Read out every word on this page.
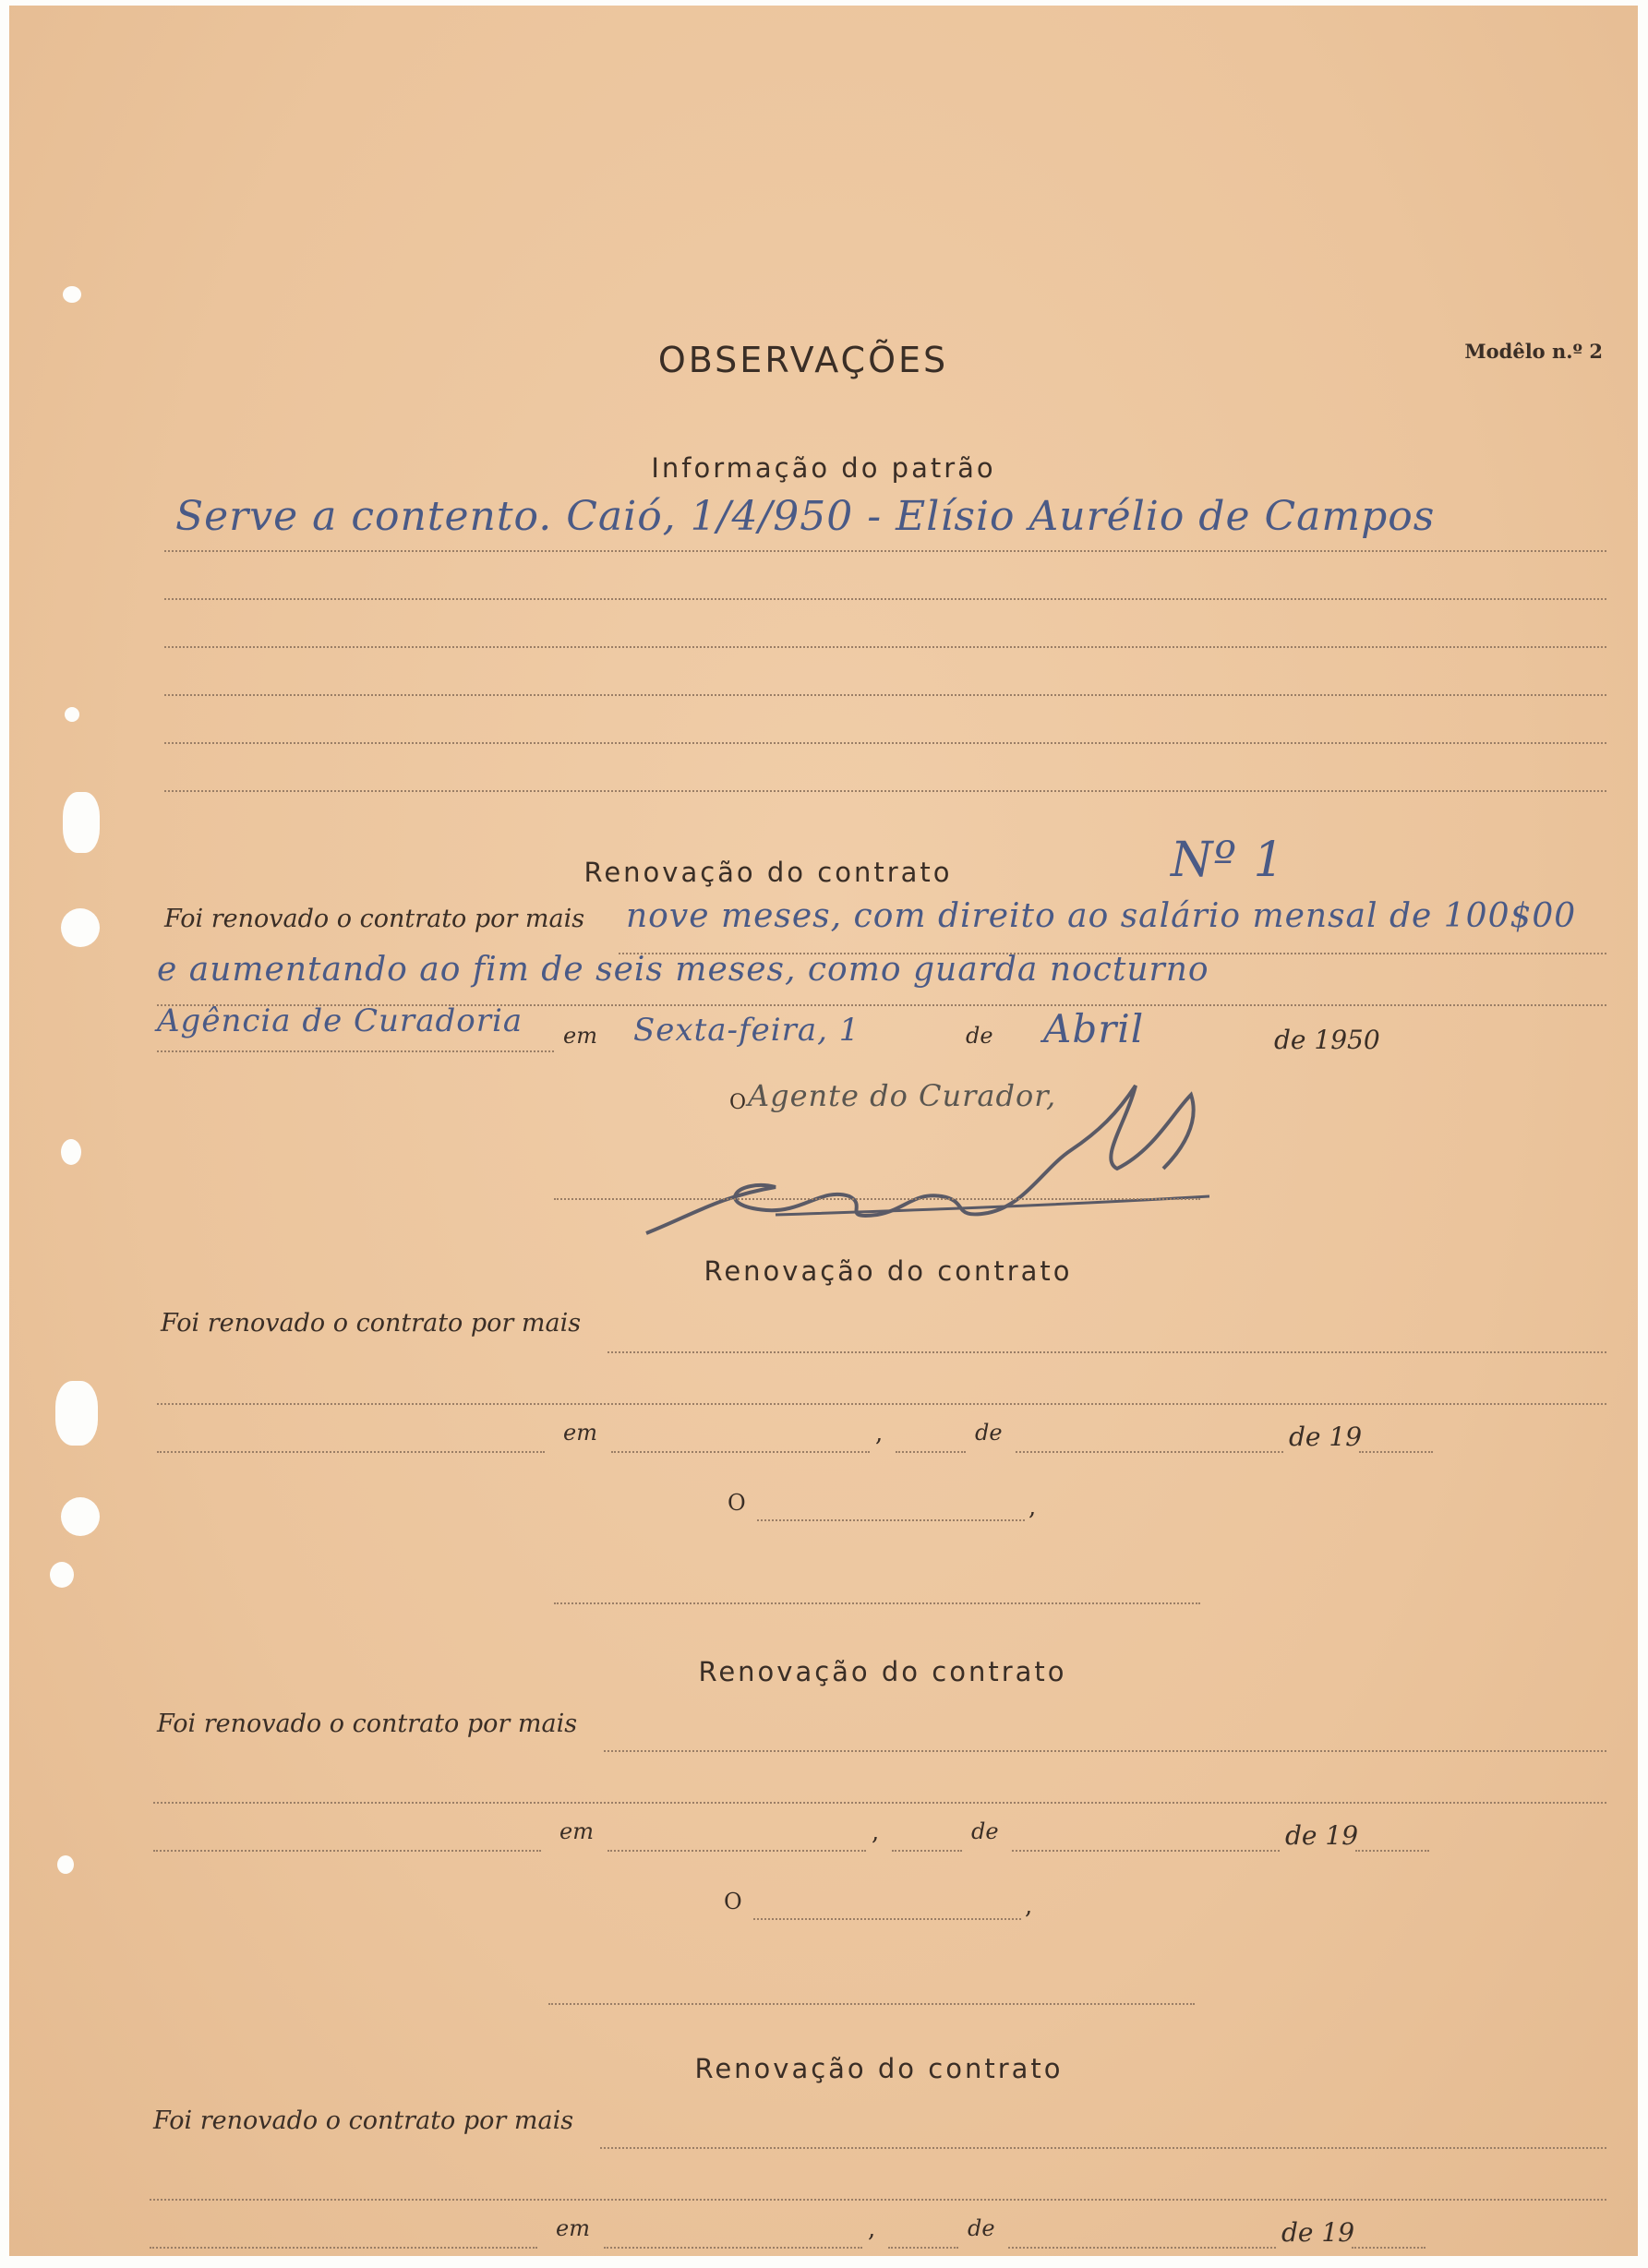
OBSERVAÇÕES	Modêlo n.º 2
Informação do patrão
Serve a contento. Caió, 1/4/950 - Elísio Aurélio de Campos
Renovação do contrato	Nº 1
Foi renovado o contrato por mais nove meses, com direito ao salário mensal de 100$00
e aumentando ao fim de seis meses, como guarda nocturno
Agência de Curadoria em Sexta-feira, 1	de Abril	de 1950
O Agente do Curador,
Renovação do contrato
Foi renovado o contrato por mais
em	,	de	de 19
O	,
Renovação do contrato
Foi renovado o contrato por mais
em	,	de	de 19
O	,
Renovação do contrato
Foi renovado o contrato por mais
em	,	de	de 19
